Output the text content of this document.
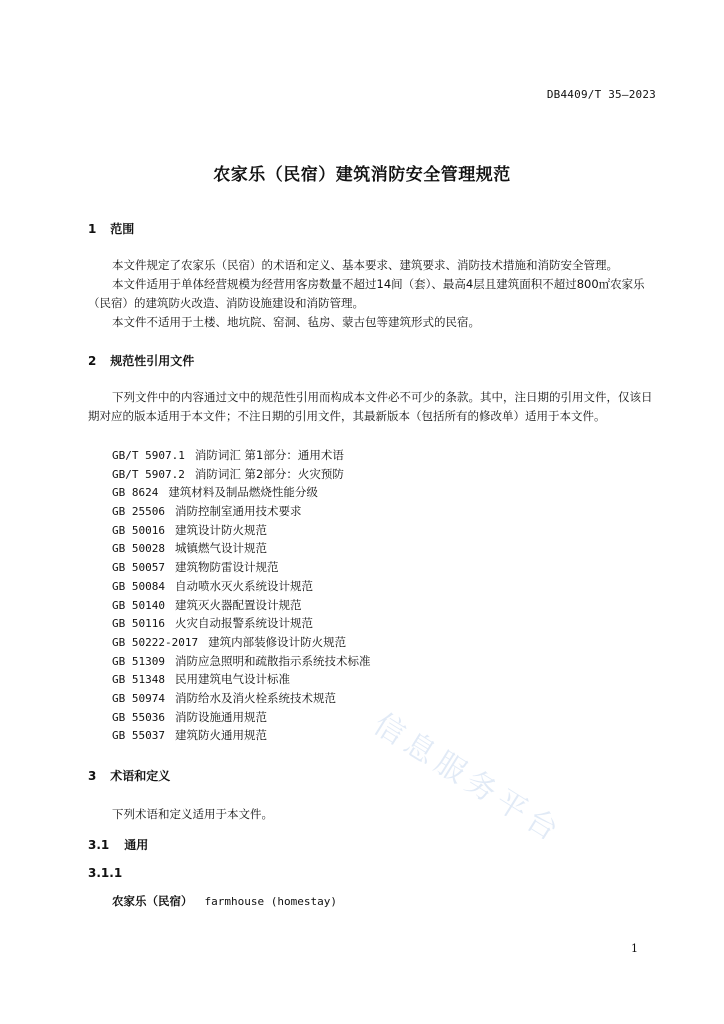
DB4409/T 35—2023
农家乐（民宿）建筑消防安全管理规范
1 范围
本文件规定了农家乐（民宿）的术语和定义、基本要求、建筑要求、消防技术措施和消防安全管理。
本文件适用于单体经营规模为经营用客房数量不超过14间（套）、最高4层且建筑面积不超过800㎡农家乐（民宿）的建筑防火改造、消防设施建设和消防管理。
本文件不适用于土楼、地坑院、窑洞、毡房、蒙古包等建筑形式的民宿。
2 规范性引用文件
下列文件中的内容通过文中的规范性引用而构成本文件必不可少的条款。其中，注日期的引用文件，仅该日期对应的版本适用于本文件；不注日期的引用文件，其最新版本（包括所有的修改单）适用于本文件。
GB/T 5907.1 消防词汇 第1部分：通用术语
GB/T 5907.2 消防词汇 第2部分：火灾预防
GB 8624 建筑材料及制品燃烧性能分级
GB 25506 消防控制室通用技术要求
GB 50016 建筑设计防火规范
GB 50028 城镇燃气设计规范
GB 50057 建筑物防雷设计规范
GB 50084 自动喷水灭火系统设计规范
GB 50140 建筑灭火器配置设计规范
GB 50116 火灾自动报警系统设计规范
GB 50222-2017 建筑内部装修设计防火规范
GB 51309 消防应急照明和疏散指示系统技术标准
GB 51348 民用建筑电气设计标准
GB 50974 消防给水及消火栓系统技术规范
GB 55036 消防设施通用规范
GB 55037 建筑防火通用规范
3 术语和定义
下列术语和定义适用于本文件。
3.1 通用
3.1.1
农家乐（民宿） farmhouse (homestay)
信息服务平台
1
